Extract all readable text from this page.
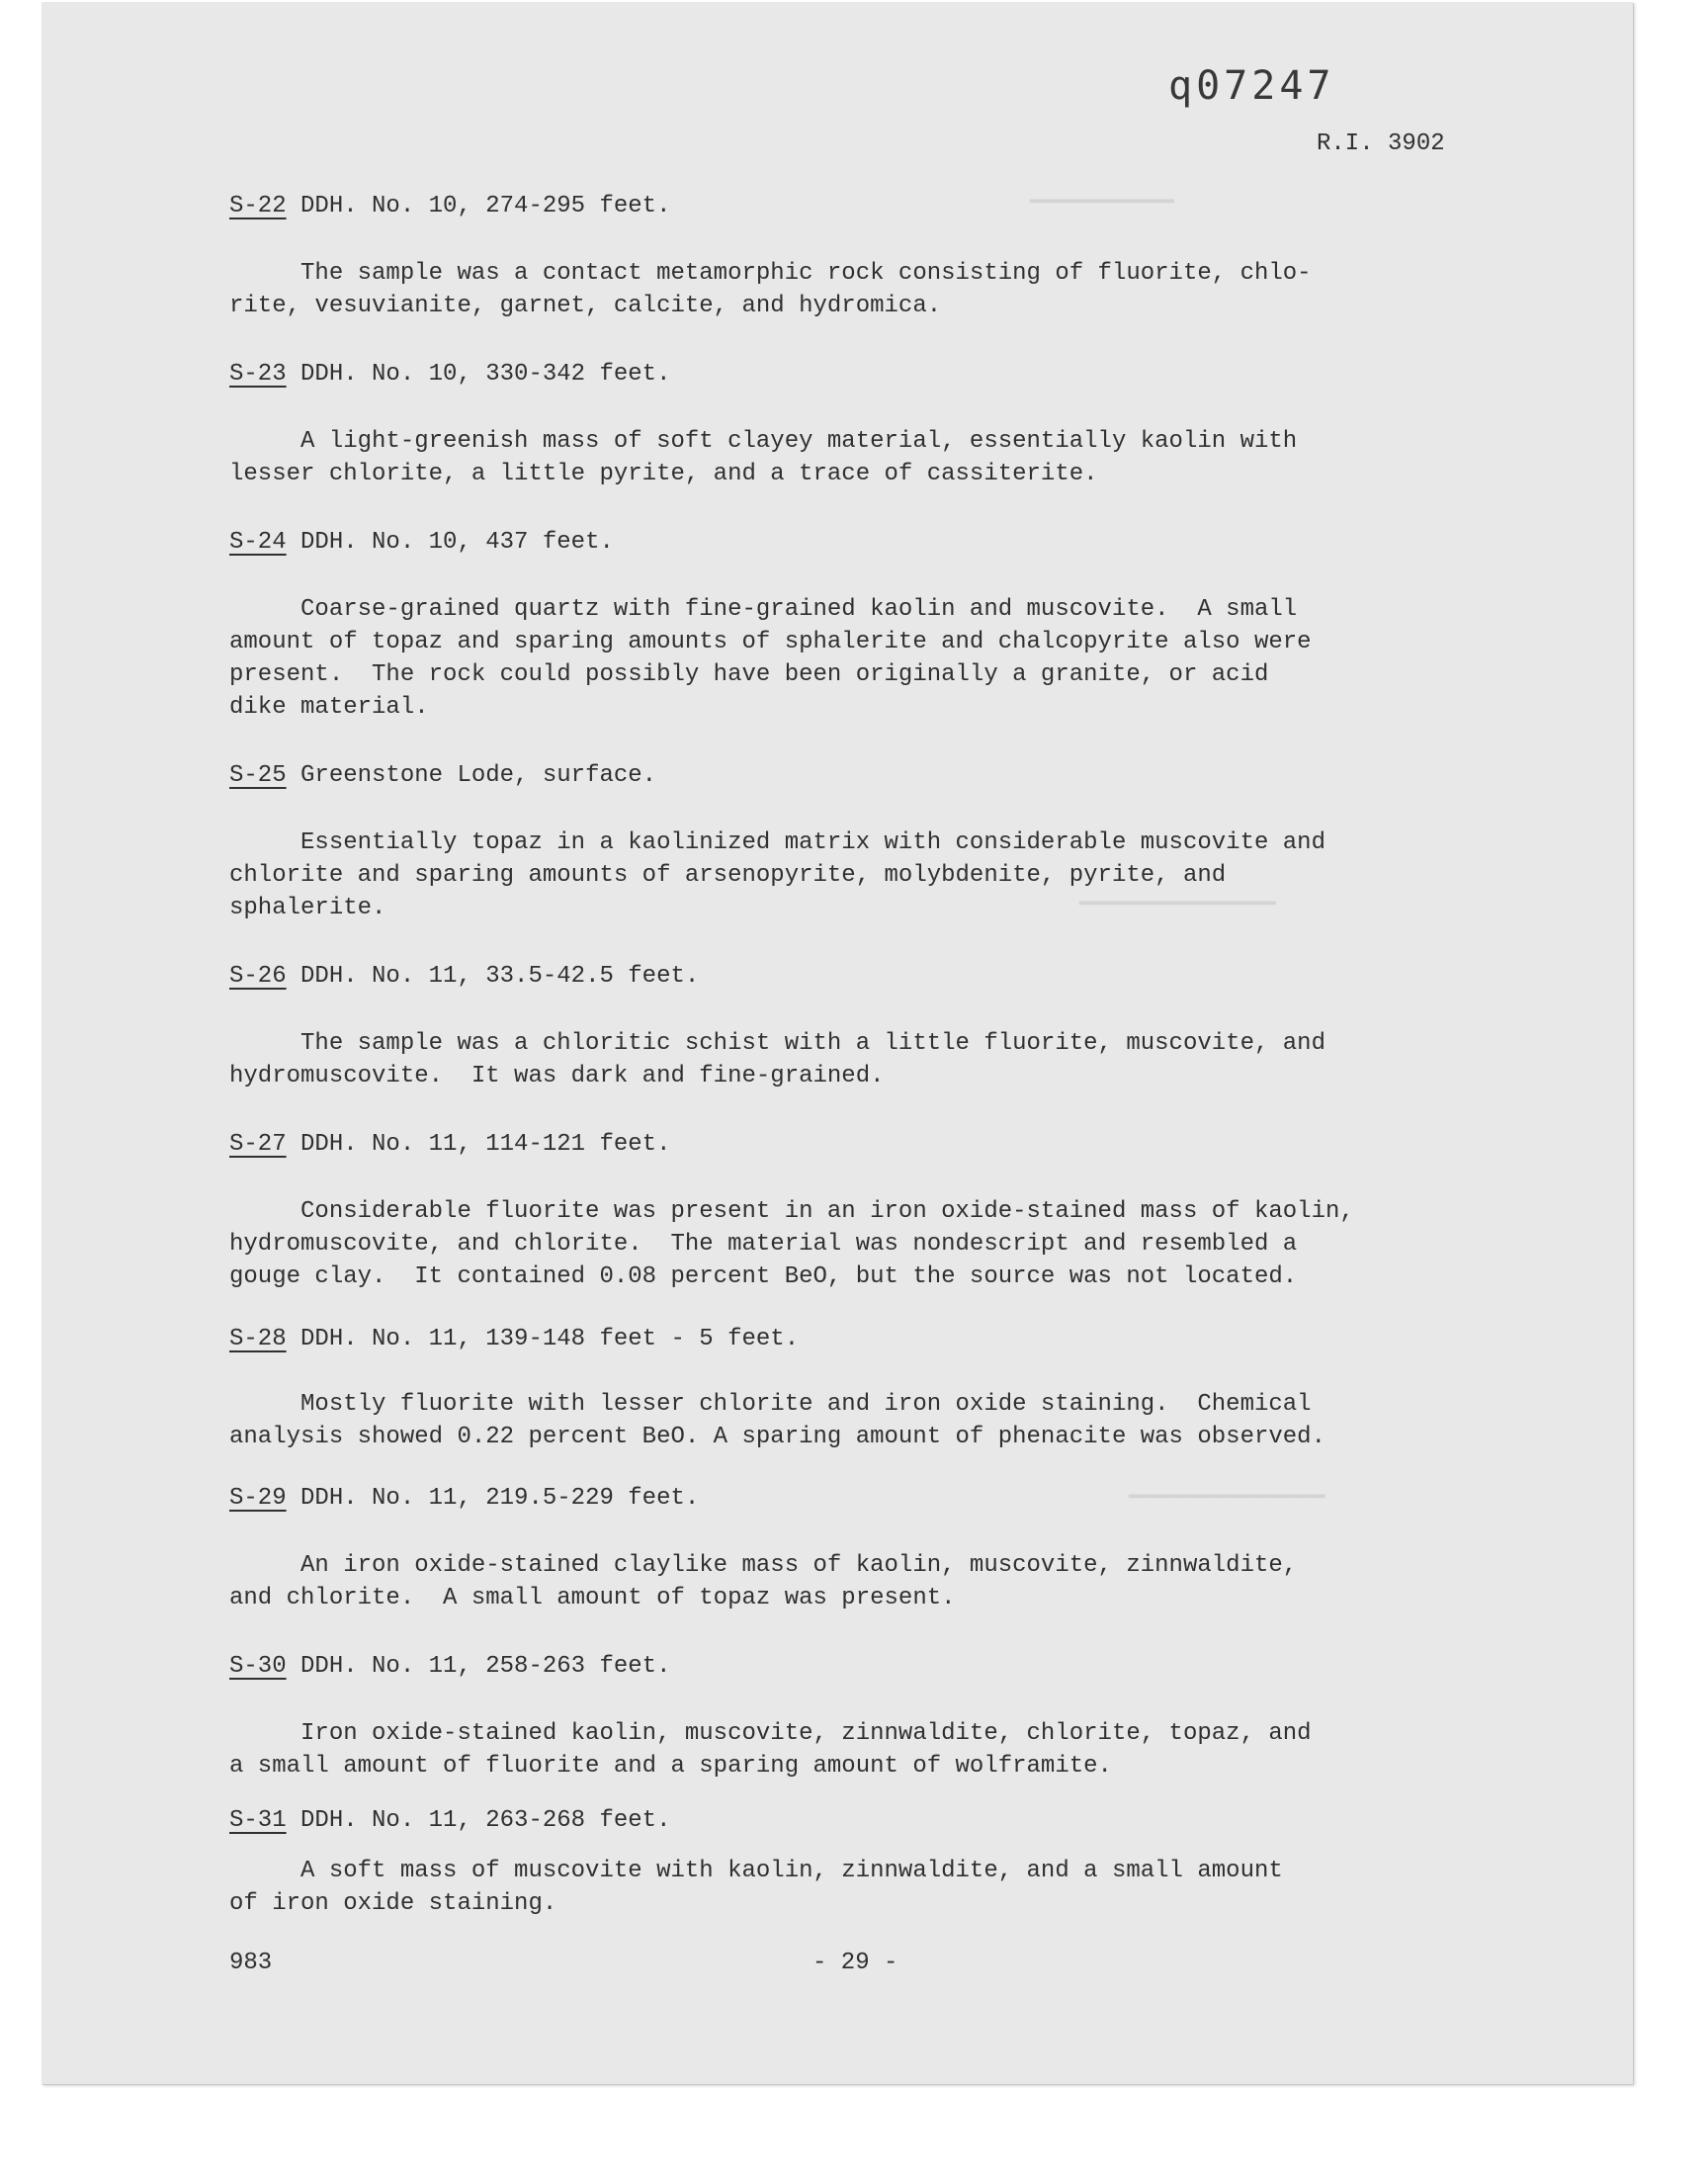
━━━━━━━━━━━
━━━━━━━━━━━━━━━
━━━━━━━━━━━━━━━
q07247
R.I. 3902
S-22 DDH. No. 10, 274-295 feet.
The sample was a contact metamorphic rock consisting of fluorite, chlo-
rite, vesuvianite, garnet, calcite, and hydromica.
S-23 DDH. No. 10, 330-342 feet.
A light-greenish mass of soft clayey material, essentially kaolin with
lesser chlorite, a little pyrite, and a trace of cassiterite.
S-24 DDH. No. 10, 437 feet.
Coarse-grained quartz with fine-grained kaolin and muscovite.  A small
amount of topaz and sparing amounts of sphalerite and chalcopyrite also were
present.  The rock could possibly have been originally a granite, or acid
dike material.
S-25 Greenstone Lode, surface.
Essentially topaz in a kaolinized matrix with considerable muscovite and
chlorite and sparing amounts of arsenopyrite, molybdenite, pyrite, and
sphalerite.
S-26 DDH. No. 11, 33.5-42.5 feet.
The sample was a chloritic schist with a little fluorite, muscovite, and
hydromuscovite.  It was dark and fine-grained.
S-27 DDH. No. 11, 114-121 feet.
Considerable fluorite was present in an iron oxide-stained mass of kaolin,
hydromuscovite, and chlorite.  The material was nondescript and resembled a
gouge clay.  It contained 0.08 percent BeO, but the source was not located.
S-28 DDH. No. 11, 139-148 feet - 5 feet.
Mostly fluorite with lesser chlorite and iron oxide staining.  Chemical
analysis showed 0.22 percent BeO. A sparing amount of phenacite was observed.
S-29 DDH. No. 11, 219.5-229 feet.
An iron oxide-stained claylike mass of kaolin, muscovite, zinnwaldite,
and chlorite.  A small amount of topaz was present.
S-30 DDH. No. 11, 258-263 feet.
Iron oxide-stained kaolin, muscovite, zinnwaldite, chlorite, topaz, and
a small amount of fluorite and a sparing amount of wolframite.
S-31 DDH. No. 11, 263-268 feet.
A soft mass of muscovite with kaolin, zinnwaldite, and a small amount
of iron oxide staining.
983	- 29 -
